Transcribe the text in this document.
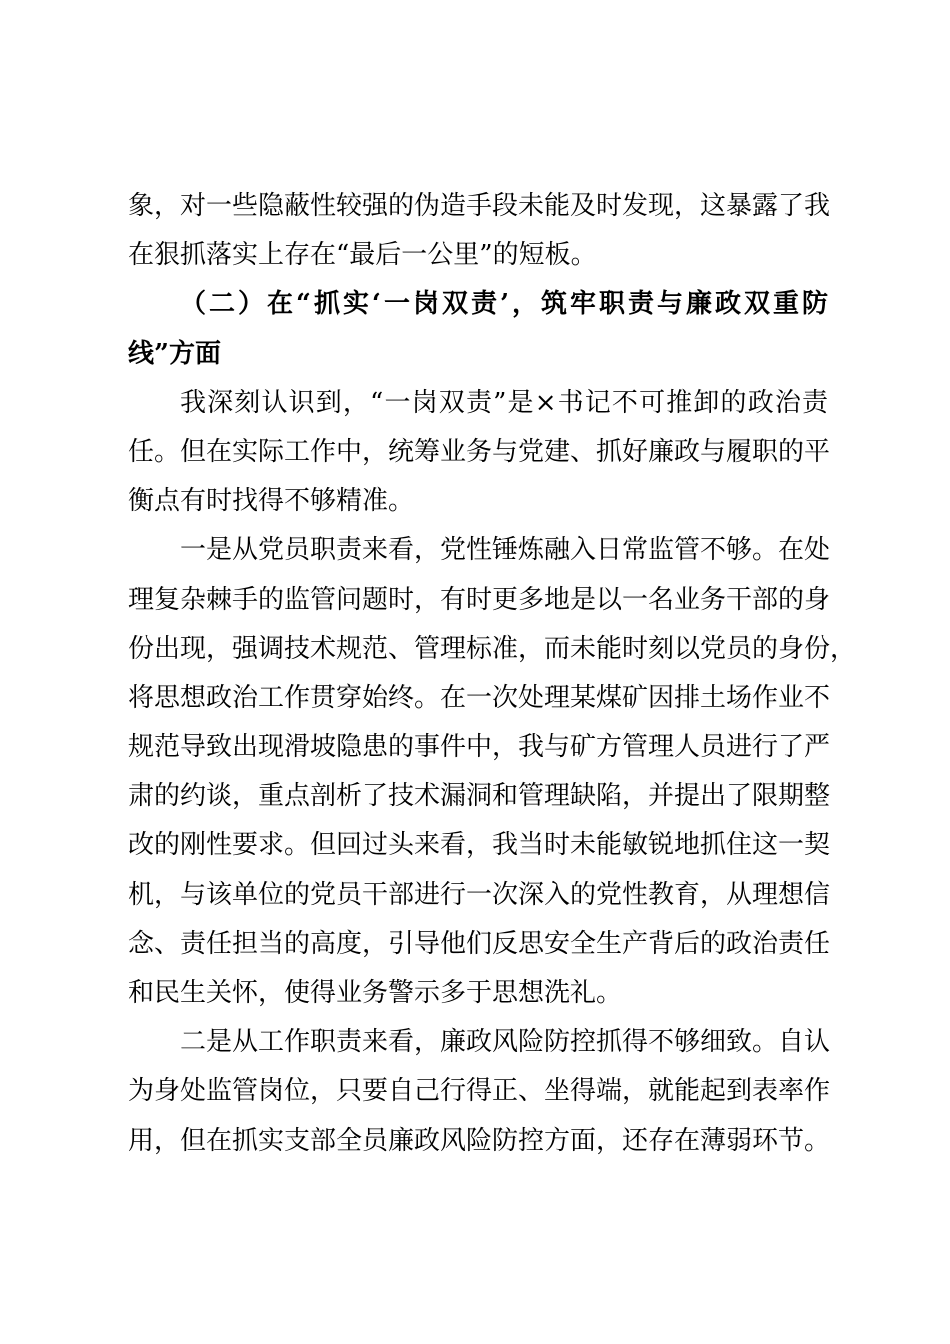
象，对一些隐蔽性较强的伪造手段未能及时发现，这暴露了我
在狠抓落实上存在“最后一公里”的短板。
（二）在“抓实‘一岗双责’，筑牢职责与廉政双重防
线”方面
我深刻认识到，“一岗双责”是×书记不可推卸的政治责
任。但在实际工作中，统筹业务与党建、抓好廉政与履职的平
衡点有时找得不够精准。
一是从党员职责来看，党性锤炼融入日常监管不够。在处
理复杂棘手的监管问题时，有时更多地是以一名业务干部的身
份出现，强调技术规范、管理标准，而未能时刻以党员的身份，
将思想政治工作贯穿始终。在一次处理某煤矿因排土场作业不
规范导致出现滑坡隐患的事件中，我与矿方管理人员进行了严
肃的约谈，重点剖析了技术漏洞和管理缺陷，并提出了限期整
改的刚性要求。但回过头来看，我当时未能敏锐地抓住这一契
机，与该单位的党员干部进行一次深入的党性教育，从理想信
念、责任担当的高度，引导他们反思安全生产背后的政治责任
和民生关怀，使得业务警示多于思想洗礼。
二是从工作职责来看，廉政风险防控抓得不够细致。自认
为身处监管岗位，只要自己行得正、坐得端，就能起到表率作
用，但在抓实支部全员廉政风险防控方面，还存在薄弱环节。
